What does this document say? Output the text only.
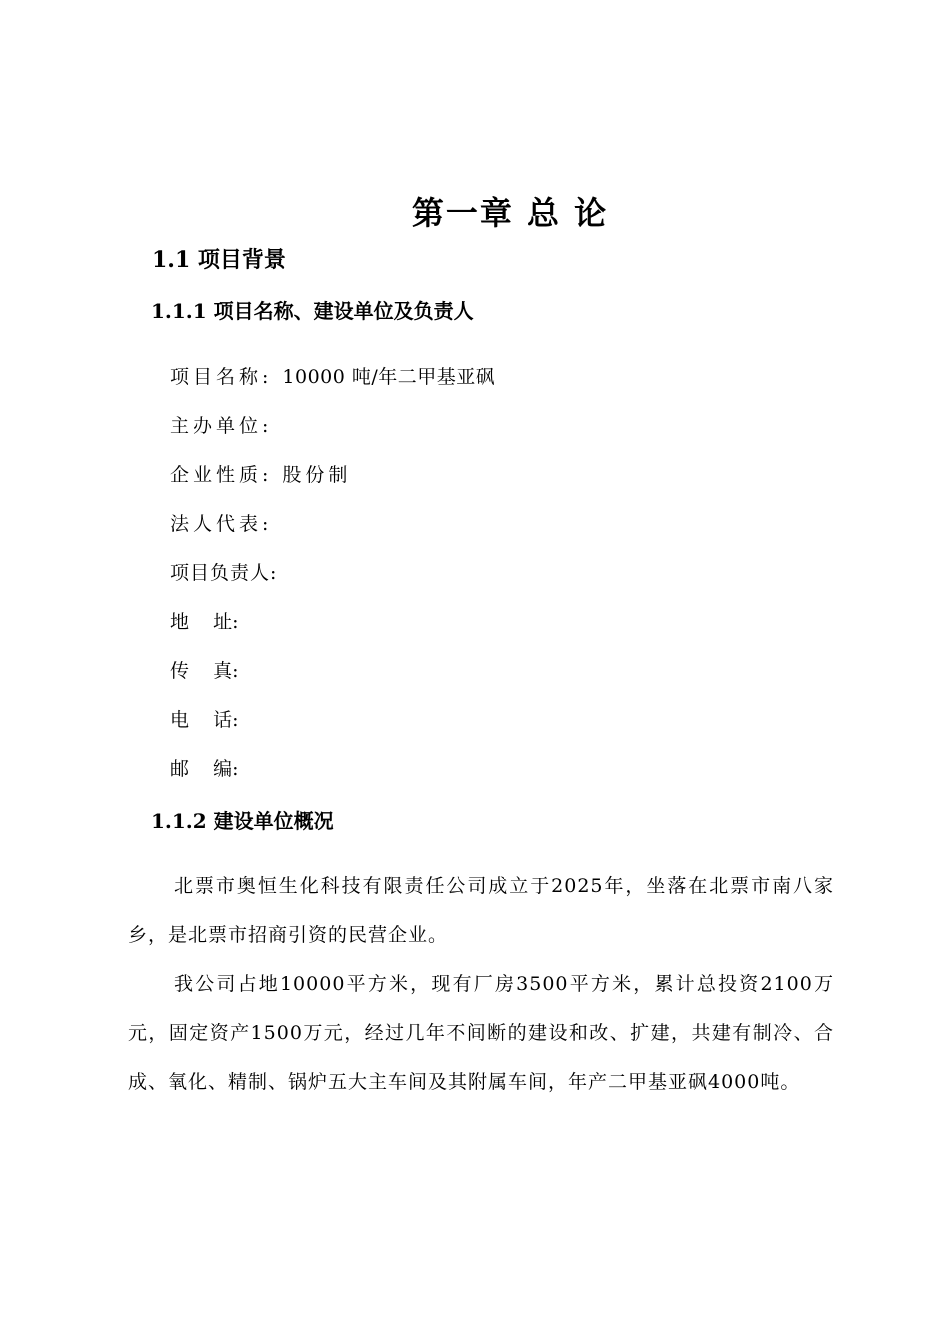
第一章 总 论
1.1 项目背景
1.1.1 项目名称、建设单位及负责人
项目名称: 10000 吨/年二甲基亚砜
主办单位:
企业性质: 股份制
法人代表:
项目负责人:
地    址:
传    真:
电    话:
邮    编:
1.1.2 建设单位概况
北票市奥恒生化科技有限责任公司成立于2025年，坐落在北票市南八家乡，是北票市招商引资的民营企业。
我公司占地10000平方米，现有厂房3500平方米，累计总投资2100万元，固定资产1500万元，经过几年不间断的建设和改、扩建，共建有制冷、合成、氧化、精制、锅炉五大主车间及其附属车间，年产二甲基亚砜4000吨。
